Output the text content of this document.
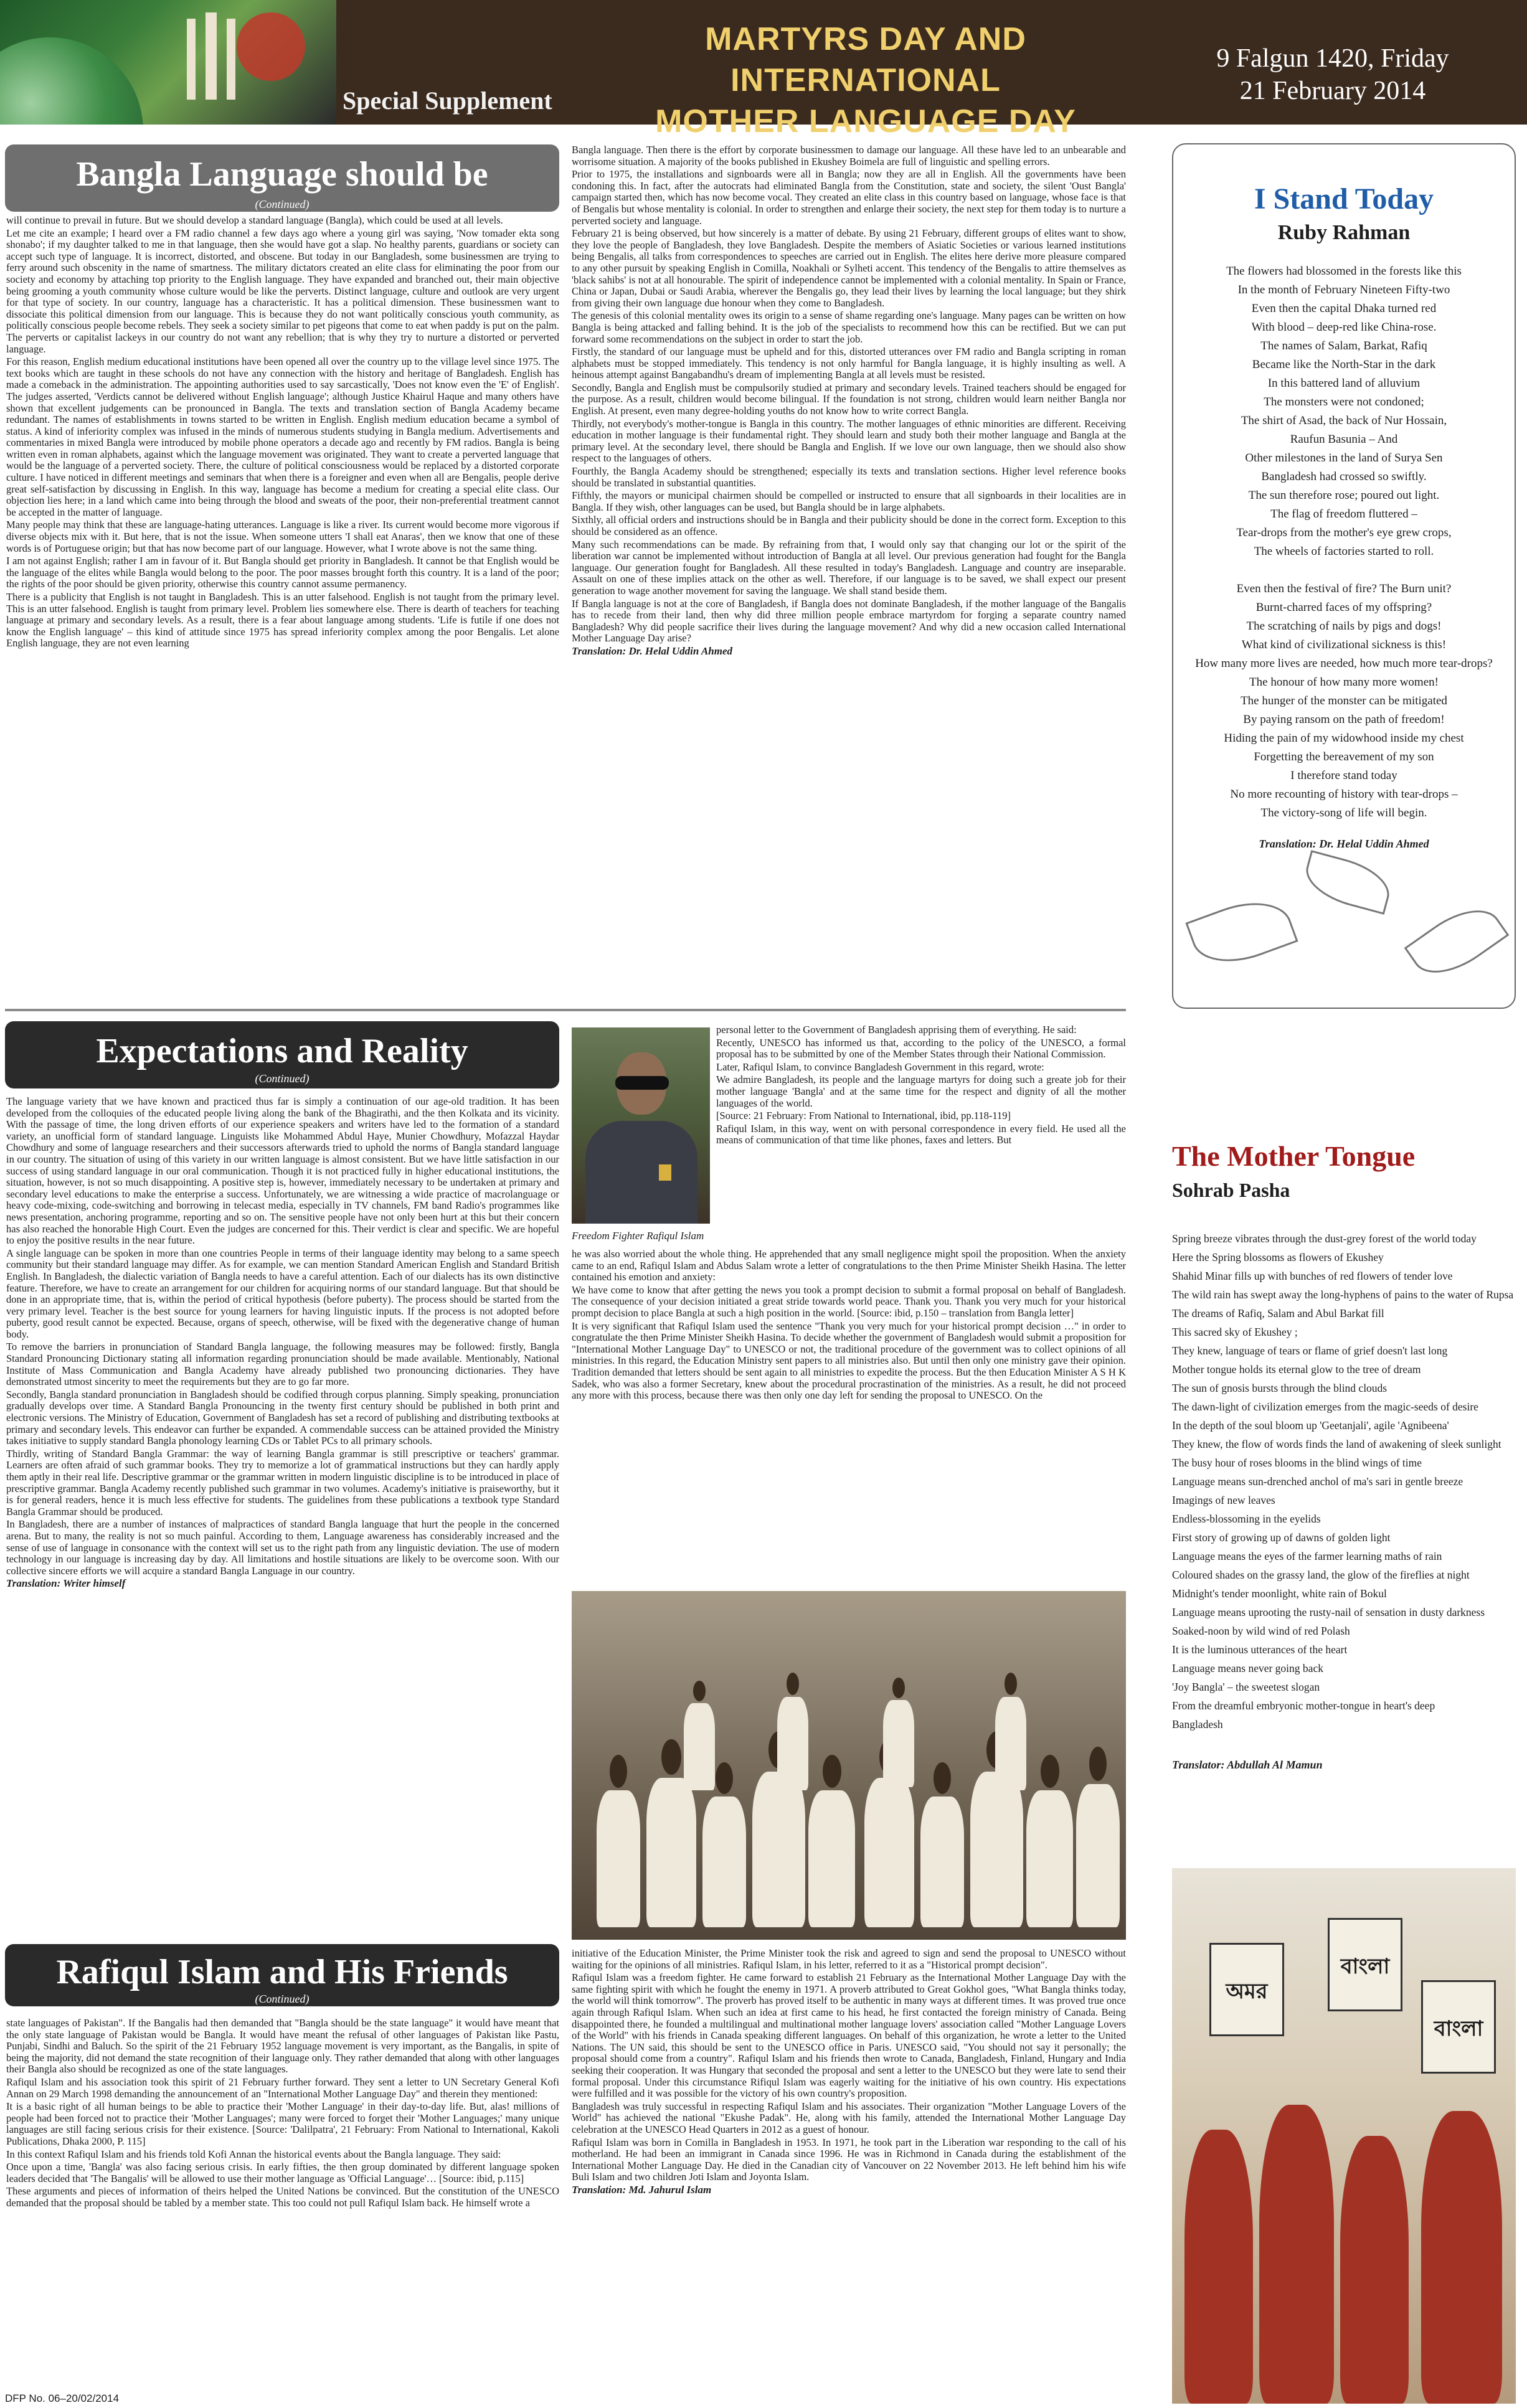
Special Supplement
MARTYRS DAY AND INTERNATIONAL
MOTHER LANGUAGE DAY
9 Falgun 1420, Friday
21 February 2014
Bangla Language should be
(Continued)

will continue to prevail in future. But we should develop a standard language (Bangla), which could be used at all levels.

Let me cite an example; I heard over a FM radio channel a few days ago where a young girl was saying, 'Now tomader ekta song shonabo'; if my daughter talked to me in that language, then she would have got a slap. No healthy parents, guardians or society can accept such type of language. It is incorrect, distorted, and obscene. But today in our Bangladesh, some businessmen are trying to ferry around such obscenity in the name of smartness. The military dictators created an elite class for eliminating the poor from our society and economy by attaching top priority to the English language. They have expanded and branched out, their main objective being grooming a youth community whose culture would be like the perverts. Distinct language, culture and outlook are very urgent for that type of society. In our country, language has a characteristic. It has a political dimension. These businessmen want to dissociate this political dimension from our language. This is because they do not want politically conscious youth community, as politically conscious people become rebels. They seek a society similar to pet pigeons that come to eat when paddy is put on the palm. The perverts or capitalist lackeys in our country do not want any rebellion; that is why they try to nurture a distorted or perverted language.

For this reason, English medium educational institutions have been opened all over the country up to the village level since 1975. The text books which are taught in these schools do not have any connection with the history and heritage of Bangladesh. English has made a comeback in the administration. The appointing authorities used to say sarcastically, 'Does not know even the 'E' of English'. The judges asserted, 'Verdicts cannot be delivered without English language'; although Justice Khairul Haque and many others have shown that excellent judgements can be pronounced in Bangla. The texts and translation section of Bangla Academy became redundant. The names of establishments in towns started to be written in English. English medium education became a symbol of status. A kind of inferiority complex was infused in the minds of numerous students studying in Bangla medium. Advertisements and commentaries in mixed Bangla were introduced by mobile phone operators a decade ago and recently by FM radios. Bangla is being written even in roman alphabets, against which the language movement was originated. They want to create a perverted language that would be the language of a perverted society. There, the culture of political consciousness would be replaced by a distorted corporate culture. I have noticed in different meetings and seminars that when there is a foreigner and even when all are Bengalis, people derive great self-satisfaction by discussing in English. In this way, language has become a medium for creating a special elite class. Our objection lies here; in a land which came into being through the blood and sweats of the poor, their non-preferential treatment cannot be accepted in the matter of language.

Many people may think that these are language-hating utterances. Language is like a river. Its current would become more vigorous if diverse objects mix with it. But here, that is not the issue. When someone utters 'I shall eat Anaras', then we know that one of these words is of Portuguese origin; but that has now become part of our language. However, what I wrote above is not the same thing.

I am not against English; rather I am in favour of it. But Bangla should get priority in Bangladesh. It cannot be that English would be the language of the elites while Bangla would belong to the poor. The poor masses brought forth this country. It is a land of the poor; the rights of the poor should be given priority, otherwise this country cannot assume permanency.

There is a publicity that English is not taught in Bangladesh. This is an utter falsehood. English is not taught from the primary level. This is an utter falsehood. English is taught from primary level. Problem lies somewhere else. There is dearth of teachers for teaching language at primary and secondary levels. As a result, there is a fear about language among students. 'Life is futile if one does not know the English language' – this kind of attitude since 1975 has spread inferiority complex among the poor Bengalis. Let alone English language, they are not even learning

Bangla language. Then there is the effort by corporate businessmen to damage our language. All these have led to an unbearable and worrisome situation. A majority of the books published in Ekushey Boimela are full of linguistic and spelling errors.

Prior to 1975, the installations and signboards were all in Bangla; now they are all in English. All the governments have been condoning this. In fact, after the autocrats had eliminated Bangla from the Constitution, state and society, the silent 'Oust Bangla' campaign started then, which has now become vocal. They created an elite class in this country based on language, whose face is that of Bengalis but whose mentality is colonial. In order to strengthen and enlarge their society, the next step for them today is to nurture a perverted society and language.

February 21 is being observed, but how sincerely is a matter of debate. By using 21 February, different groups of elites want to show, they love the people of Bangladesh, they love Bangladesh. Despite the members of Asiatic Societies or various learned institutions being Bengalis, all talks from correspondences to speeches are carried out in English. The elites here derive more pleasure compared to any other pursuit by speaking English in Comilla, Noakhali or Sylheti accent. This tendency of the Bengalis to attire themselves as 'black sahibs' is not at all honourable. The spirit of independence cannot be implemented with a colonial mentality. In Spain or France, China or Japan, Dubai or Saudi Arabia, wherever the Bengalis go, they lead their lives by learning the local language; but they shirk from giving their own language due honour when they come to Bangladesh.

The genesis of this colonial mentality owes its origin to a sense of shame regarding one's language. Many pages can be written on how Bangla is being attacked and falling behind. It is the job of the specialists to recommend how this can be rectified. But we can put forward some recommendations on the subject in order to start the job.

Firstly, the standard of our language must be upheld and for this, distorted utterances over FM radio and Bangla scripting in roman alphabets must be stopped immediately. This tendency is not only harmful for Bangla language, it is highly insulting as well. A heinous attempt against Bangabandhu's dream of implementing Bangla at all levels must be resisted.

Secondly, Bangla and English must be compulsorily studied at primary and secondary levels. Trained teachers should be engaged for the purpose. As a result, children would become bilingual. If the foundation is not strong, children would learn neither Bangla nor English. At present, even many degree-holding youths do not know how to write correct Bangla.

Thirdly, not everybody's mother-tongue is Bangla in this country. The mother languages of ethnic minorities are different. Receiving education in mother language is their fundamental right. They should learn and study both their mother language and Bangla at the primary level. At the secondary level, there should be Bangla and English. If we love our own language, then we should also show respect to the languages of others.

Fourthly, the Bangla Academy should be strengthened; especially its texts and translation sections. Higher level reference books should be translated in substantial quantities.

Fifthly, the mayors or municipal chairmen should be compelled or instructed to ensure that all signboards in their localities are in Bangla. If they wish, other languages can be used, but Bangla should be in large alphabets.

Sixthly, all official orders and instructions should be in Bangla and their publicity should be done in the correct form. Exception to this should be considered as an offence.

Many such recommendations can be made. By refraining from that, I would only say that changing our lot or the spirit of the liberation war cannot be implemented without introduction of Bangla at all level. Our previous generation had fought for the Bangla language. Our generation fought for Bangladesh. All these resulted in today's Bangladesh. Language and country are inseparable. Assault on one of these implies attack on the other as well. Therefore, if our language is to be saved, we shall expect our present generation to wage another movement for saving the language. We shall stand beside them.

If Bangla language is not at the core of Bangladesh, if Bangla does not dominate Bangladesh, if the mother language of the Bangalis has to recede from their land, then why did three million people embrace martyrdom for forging a separate country named Bangladesh? Why did people sacrifice their lives during the language movement? And why did a new occasion called International Mother Language Day arise?

Translation: Dr. Helal Uddin Ahmed

I Stand Today
Ruby Rahman
The flowers had blossomed in the forests like this
In the month of February Nineteen Fifty-two
Even then the capital Dhaka turned red
With blood – deep-red like China-rose.
The names of Salam, Barkat, Rafiq
Became like the North-Star in the dark
In this battered land of alluvium
The monsters were not condoned;
The shirt of Asad, the back of Nur Hossain,
Raufun Basunia – And
Other milestones in the land of Surya Sen
Bangladesh had crossed so swiftly.
The sun therefore rose; poured out light.
The flag of freedom fluttered –
Tear-drops from the mother's eye grew crops,
The wheels of factories started to roll.
Even then the festival of fire? The Burn unit?
Burnt-charred faces of my offspring?
The scratching of nails by pigs and dogs!
What kind of civilizational sickness is this!
How many more lives are needed, how much more tear-drops?
The honour of how many more women!
The hunger of the monster can be mitigated
By paying ransom on the path of freedom!
Hiding the pain of my widowhood inside my chest
Forgetting the bereavement of my son
I therefore stand today
No more recounting of history with tear-drops –
The victory-song of life will begin.
Translation: Dr. Helal Uddin Ahmed
Expectations and Reality
(Continued)

The language variety that we have known and practiced thus far is simply a continuation of our age-old tradition. It has been developed from the colloquies of the educated people living along the bank of the Bhagirathi, and the then Kolkata and its vicinity. With the passage of time, the long driven efforts of our experience speakers and writers have led to the formation of a standard variety, an unofficial form of standard language. Linguists like Mohammed Abdul Haye, Munier Chowdhury, Mofazzal Haydar Chowdhury and some of language researchers and their successors afterwards tried to uphold the norms of Bangla standard language in our country. The situation of using of this variety in our written language is almost consistent. But we have little satisfaction in our success of using standard language in our oral communication. Though it is not practiced fully in higher educational institutions, the situation, however, is not so much disappointing. A positive step is, however, immediately necessary to be undertaken at primary and secondary level educations to make the enterprise a success. Unfortunately, we are witnessing a wide practice of macrolanguage or heavy code-mixing, code-switching and borrowing in telecast media, especially in TV channels, FM band Radio's programmes like news presentation, anchoring programme, reporting and so on. The sensitive people have not only been hurt at this but their concern has also reached the honorable High Court. Even the judges are concerned for this. Their verdict is clear and specific. We are hopeful to enjoy the positive results in the near future.

A single language can be spoken in more than one countries People in terms of their language identity may belong to a same speech community but their standard language may differ. As for example, we can mention Standard American English and Standard British English. In Bangladesh, the dialectic variation of Bangla needs to have a careful attention. Each of our dialects has its own distinctive feature. Therefore, we have to create an arrangement for our children for acquiring norms of our standard language. But that should be done in an appropriate time, that is, within the period of critical hypothesis (before puberty). The process should be started from the very primary level. Teacher is the best source for young learners for having linguistic inputs. If the process is not adopted before puberty, good result cannot be expected. Because, organs of speech, otherwise, will be fixed with the degenerative change of human body.

To remove the barriers in pronunciation of Standard Bangla language, the following measures may be followed: firstly, Bangla Standard Pronouncing Dictionary stating all information regarding pronunciation should be made available. Mentionably, National Institute of Mass Communication and Bangla Academy have already published two pronouncing dictionaries. They have demonstrated utmost sincerity to meet the requirements but they are to go far more.

Secondly, Bangla standard pronunciation in Bangladesh should be codified through corpus planning. Simply speaking, pronunciation gradually develops over time. A Standard Bangla Pronouncing in the twenty first century should be published in both print and electronic versions. The Ministry of Education, Government of Bangladesh has set a record of publishing and distributing textbooks at primary and secondary levels. This endeavor can further be expanded. A commendable success can be attained provided the Ministry takes initiative to supply standard Bangla phonology learning CDs or Tablet PCs to all primary schools.

Thirdly, writing of Standard Bangla Grammar: the way of learning Bangla grammar is still prescriptive or teachers' grammar. Learners are often afraid of such grammar books. They try to memorize a lot of grammatical instructions but they can hardly apply them aptly in their real life. Descriptive grammar or the grammar written in modern linguistic discipline is to be introduced in place of prescriptive grammar. Bangla Academy recently published such grammar in two volumes. Academy's initiative is praiseworthy, but it is for general readers, hence it is much less effective for students. The guidelines from these publications a textbook type Standard Bangla Grammar should be produced.

In Bangladesh, there are a number of instances of malpractices of standard Bangla language that hurt the people in the concerned arena. But to many, the reality is not so much painful. According to them, Language awareness has considerably increased and the sense of use of language in consonance with the context will set us to the right path from any linguistic deviation. The use of modern technology in our language is increasing day by day. All limitations and hostile situations are likely to be overcome soon. With our collective sincere efforts we will acquire a standard Bangla Language in our country.

Translation: Writer himself

Freedom Fighter Rafiqul Islam

personal letter to the Government of Bangladesh apprising them of everything. He said:

Recently, UNESCO has informed us that, according to the policy of the UNESCO, a formal proposal has to be submitted by one of the Member States through their National Commission.

Later, Rafiqul Islam, to convince Bangladesh Government in this regard, wrote:

We admire Bangladesh, its people and the language martyrs for doing such a greate job for their mother language 'Bangla' and at the same time for the respect and dignity of all the mother languages of the world.

[Source: 21 February: From National to International, ibid, pp.118-119]

Rafiqul Islam, in this way, went on with personal correspondence in every field. He used all the means of communication of that time like phones, faxes and letters. But

he was also worried about the whole thing. He apprehended that any small negligence might spoil the proposition. When the anxiety came to an end, Rafiqul Islam and Abdus Salam wrote a letter of congratulations to the then Prime Minister Sheikh Hasina. The letter contained his emotion and anxiety:

We have come to know that after getting the news you took a prompt decision to submit a formal proposal on behalf of Bangladesh. The consequence of your decision initiated a great stride towards world peace. Thank you. Thank you very much for your historical prompt decision to place Bangla at such a high position in the world. [Source: ibid, p.150 – translation from Bangla letter]

It is very significant that Rafiqul Islam used the sentence "Thank you very much for your historical prompt decision …" in order to congratulate the then Prime Minister Sheikh Hasina. To decide whether the government of Bangladesh would submit a proposition for "International Mother Language Day" to UNESCO or not, the traditional procedure of the government was to collect opinions of all ministries. In this regard, the Education Ministry sent papers to all ministries also. But until then only one ministry gave their opinion. Tradition demanded that letters should be sent again to all ministries to expedite the process. But the then Education Minister A S H K Sadek, who was also a former Secretary, knew about the procedural procrastination of the ministries. As a result, he did not proceed any more with this process, because there was then only one day left for sending the proposal to UNESCO. On the

Rafiqul Islam and His Friends
(Continued)

state languages of Pakistan". If the Bangalis had then demanded that "Bangla should be the state language" it would have meant that the only state language of Pakistan would be Bangla. It would have meant the refusal of other languages of Pakistan like Pastu, Punjabi, Sindhi and Baluch. So the spirit of the 21 February 1952 language movement is very important, as the Bangalis, in spite of being the majority, did not demand the state recognition of their language only. They rather demanded that along with other languages their Bangla also should be recognized as one of the state languages.

Rafiqul Islam and his association took this spirit of 21 February further forward. They sent a letter to UN Secretary General Kofi Annan on 29 March 1998 demanding the announcement of an "International Mother Language Day" and therein they mentioned:

It is a basic right of all human beings to be able to practice their 'Mother Language' in their day-to-day life. But, alas! millions of people had been forced not to practice their 'Mother Languages'; many were forced to forget their 'Mother Languages;' many unique languages are still facing serious crisis for their existence. [Source: 'Dalilpatra', 21 February: From National to International, Kakoli Publications, Dhaka 2000, P. 115]

In this context Rafiqul Islam and his friends told Kofi Annan the historical events about the Bangla language. They said:

Once upon a time, 'Bangla' was also facing serious crisis. In early fifties, the then group dominated by different language spoken leaders decided that 'The Bangalis' will be allowed to use their mother language as 'Official Language'… [Source: ibid, p.115]

These arguments and pieces of information of theirs helped the United Nations be convinced. But the constitution of the UNESCO demanded that the proposal should be tabled by a member state. This too could not pull Rafiqul Islam back. He himself wrote a

initiative of the Education Minister, the Prime Minister took the risk and agreed to sign and send the proposal to UNESCO without waiting for the opinions of all ministries. Rafiqul Islam, in his letter, referred to it as a "Historical prompt decision".

Rafiqul Islam was a freedom fighter. He came forward to establish 21 February as the International Mother Language Day with the same fighting spirit with which he fought the enemy in 1971. A proverb attributed to Great Gokhol goes, "What Bangla thinks today, the world will think tomorrow". The proverb has proved itself to be authentic in many ways at different times. It was proved true once again through Rafiqul Islam. When such an idea at first came to his head, he first contacted the foreign ministry of Canada. Being disappointed there, he founded a multilingual and multinational mother language lovers' association called "Mother Language Lovers of the World" with his friends in Canada speaking different languages. On behalf of this organization, he wrote a letter to the United Nations. The UN said, this should be sent to the UNESCO office in Paris. UNESCO said, "You should not say it personally; the proposal should come from a country". Rafiqul Islam and his friends then wrote to Canada, Bangladesh, Finland, Hungary and India seeking their cooperation. It was Hungary that seconded the proposal and sent a letter to the UNESCO but they were late to send their formal proposal. Under this circumstance Rifiqul Islam was eagerly waiting for the initiative of his own country. His expectations were fulfilled and it was possible for the victory of his own country's proposition.

Bangladesh was truly successful in respecting Rafiqul Islam and his associates. Their organization "Mother Language Lovers of the World" has achieved the national "Ekushe Padak". He, along with his family, attended the International Mother Language Day celebration at the UNESCO Head Quarters in 2012 as a guest of honour.

Rafiqul Islam was born in Comilla in Bangladesh in 1953. In 1971, he took part in the Liberation war responding to the call of his motherland. He had been an immigrant in Canada since 1996. He was in Richmond in Canada during the establishment of the International Mother Language Day. He died in the Canadian city of Vancouver on 22 November 2013. He left behind him his wife Buli Islam and two children Joti Islam and Joyonta Islam.

Translation: Md. Jahurul Islam

The Mother Tongue
Sohrab Pasha
Spring breeze vibrates through the dust-grey forest of the world today
Here the Spring blossoms as flowers of Ekushey
Shahid Minar fills up with bunches of red flowers of tender love
The wild rain has swept away the long-hyphens of pains to the water of Rupsa
The dreams of Rafiq, Salam and Abul Barkat fill
This sacred sky of Ekushey ;
They knew, language of tears or flame of grief doesn't last long
Mother tongue holds its eternal glow to the tree of dream
The sun of gnosis bursts through the blind clouds
The dawn-light of civilization emerges from the magic-seeds of desire
In the depth of the soul bloom up 'Geetanjali', agile 'Agnibeena'
They knew, the flow of words finds the land of awakening of sleek sunlight
The busy hour of roses blooms in the blind wings of time
Language means sun-drenched anchol of ma's sari in gentle breeze
Imagings of new leaves
Endless-blossoming in the eyelids
First story of growing up of dawns of golden light
Language means the eyes of the farmer learning maths of rain
Coloured shades on the grassy land, the glow of the fireflies at night
Midnight's tender moonlight, white rain of Bokul
Language means uprooting the rusty-nail of sensation in dusty darkness
Soaked-noon by wild wind of red Polash
It is the luminous utterances of the heart
Language means never going back
'Joy Bangla' – the sweetest slogan
From the dreamful embryonic mother-tongue in heart's deep
Bangladesh
Translator: Abdullah Al Mamun
অমর
বাংলা
বাংলা
DFP No. 06–20/02/2014
